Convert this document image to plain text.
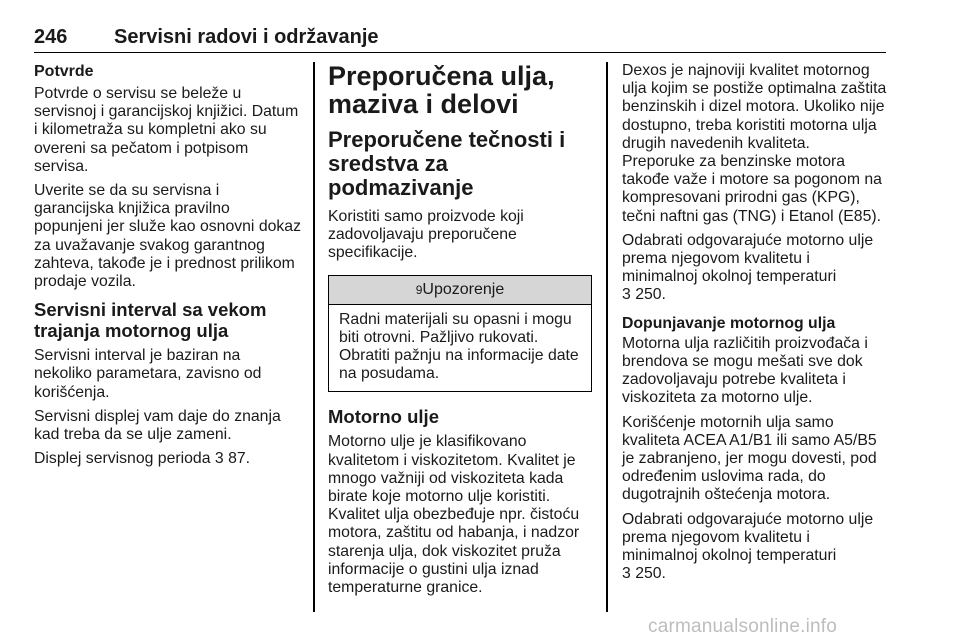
246 Servisni radovi i održavanje
Potvrde

Potvrde o servisu se beleže u servisnoj i garancijskoj knjižici. Datum i kilometraža su kompletni ako su overeni sa pečatom i potpisom servisa.

Uverite se da su servisna i garancijska knjižica pravilno popunjeni jer služe kao osnovni dokaz za uvažavanje svakog garantnog zahteva, takođe je i prednost prilikom prodaje vozila.

Servisni interval sa vekom trajanja motornog ulja

Servisni interval je baziran na nekoliko parametara, zavisno od korišćenja.

Servisni displej vam daje do znanja kad treba da se ulje zameni.

Displej servisnog perioda 3 87.

Preporučena ulja, maziva i delovi
Preporučene tečnosti i sredstva za podmazivanje

Koristiti samo proizvode koji zadovoljavaju preporučene specifikacije.

9Upozorenje

Radni materijali su opasni i mogu biti otrovni. Pažljivo rukovati. Obratiti pažnju na informacije date na posudama.

Motorno ulje

Motorno ulje je klasifikovano kvalitetom i viskozitetom. Kvalitet je mnogo važniji od viskoziteta kada birate koje motorno ulje koristiti. Kvalitet ulja obezbeđuje npr. čistoću motora, zaštitu od habanja, i nadzor starenja ulja, dok viskozitet pruža informacije o gustini ulja iznad temperaturne granice.

Dexos je najnoviji kvalitet motornog ulja kojim se postiže optimalna zaštita benzinskih i dizel motora. Ukoliko nije dostupno, treba koristiti motorna ulja drugih navedenih kvaliteta.

Preporuke za benzinske motora takođe važe i motore sa pogonom na kompresovani prirodni gas (KPG), tečni naftni gas (TNG) i Etanol (E85).

Odabrati odgovarajuće motorno ulje prema njegovom kvalitetu i minimalnoj okolnoj temperaturi
3 250.

Dopunjavanje motornog ulja

Motorna ulja različitih proizvođača i brendova se mogu mešati sve dok zadovoljavaju potrebe kvaliteta i viskoziteta za motorno ulje.

Korišćenje motornih ulja samo kvaliteta ACEA A1/B1 ili samo A5/B5 je zabranjeno, jer mogu dovesti, pod određenim uslovima rada, do dugotrajnih oštećenja motora.

Odabrati odgovarajuće motorno ulje prema njegovom kvalitetu i minimalnoj okolnoj temperaturi
3 250.

carmanualsonline.info
